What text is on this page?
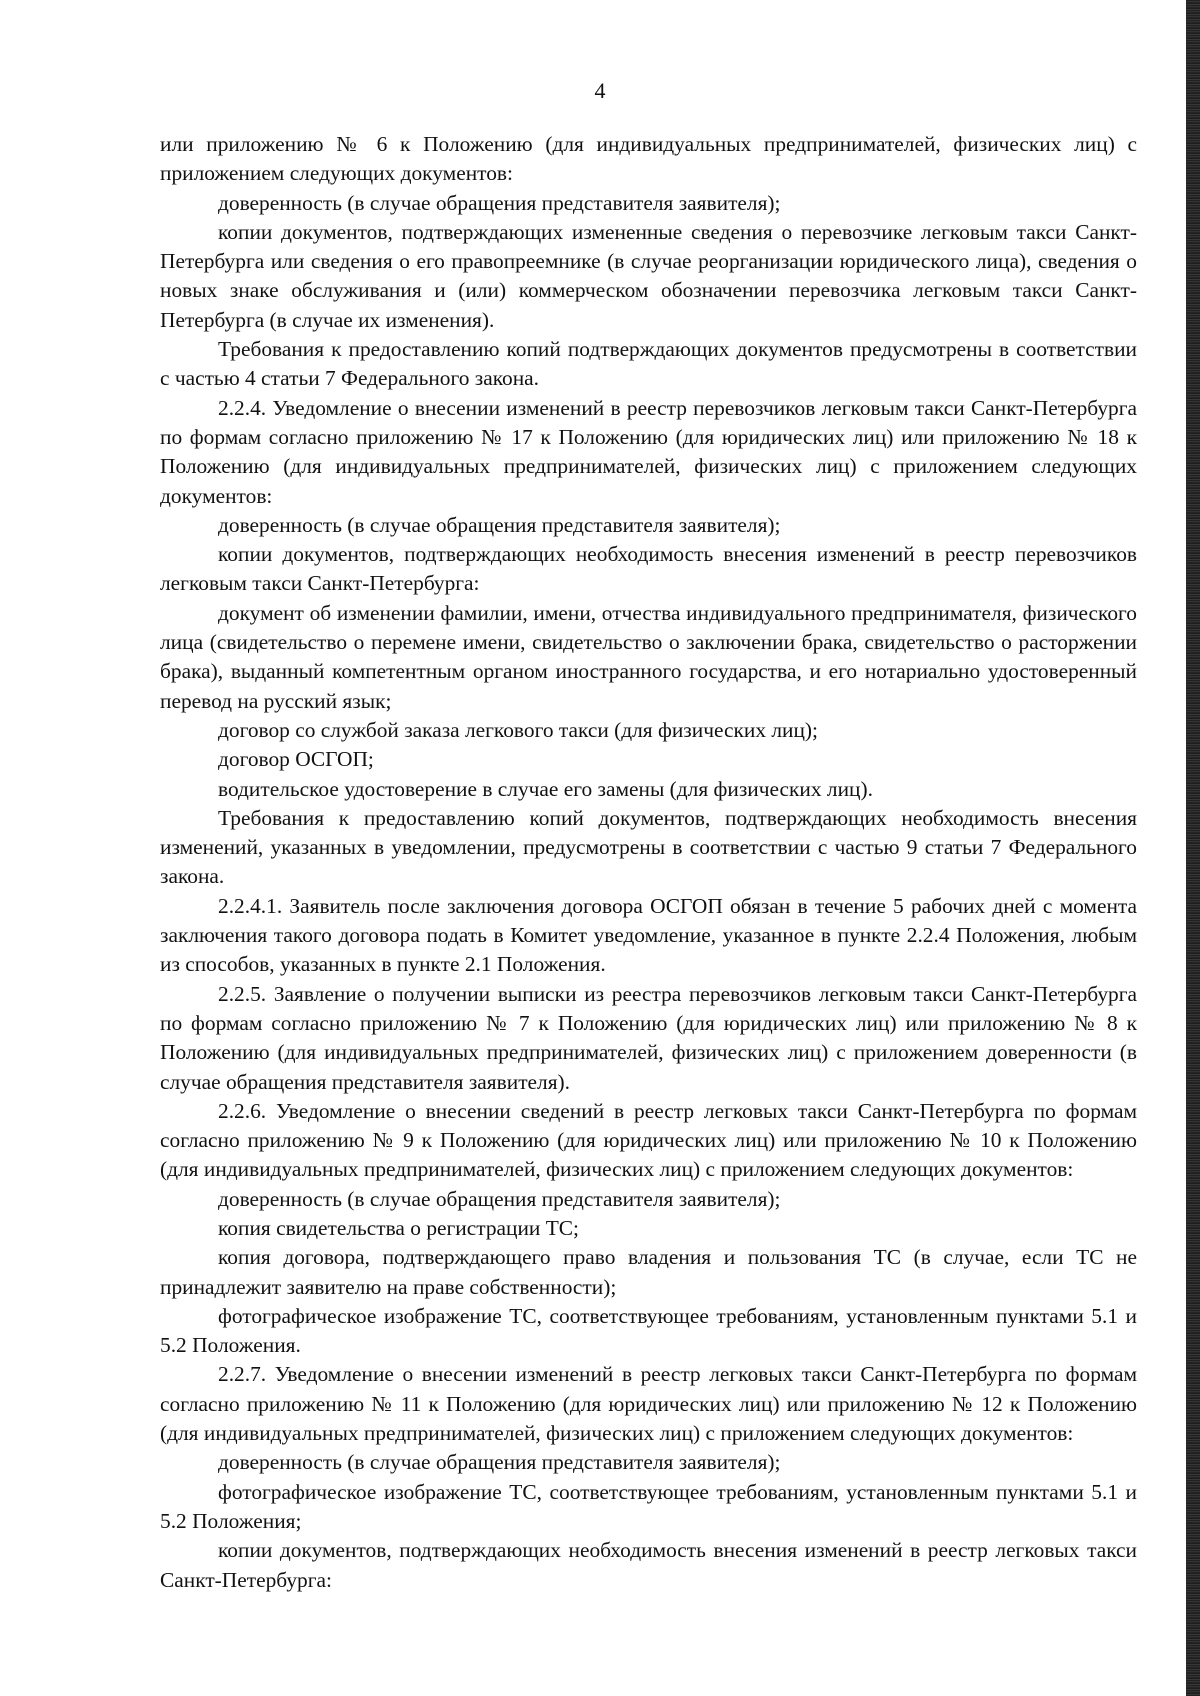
4

или приложению № 6 к Положению (для индивидуальных предпринимателей, физических лиц) с приложением следующих документов:

доверенность (в случае обращения представителя заявителя);

копии документов, подтверждающих измененные сведения о перевозчике легковым такси Санкт-Петербурга или сведения о его правопреемнике (в случае реорганизации юридического лица), сведения о новых знаке обслуживания и (или) коммерческом обозначении перевозчика легковым такси Санкт-Петербурга (в случае их изменения).

Требования к предоставлению копий подтверждающих документов предусмотрены в соответствии с частью 4 статьи 7 Федерального закона.

2.2.4. Уведомление о внесении изменений в реестр перевозчиков легковым такси Санкт-Петербурга по формам согласно приложению № 17 к Положению (для юридических лиц) или приложению № 18 к Положению (для индивидуальных предпринимателей, физических лиц) с приложением следующих документов:

доверенность (в случае обращения представителя заявителя);

копии документов, подтверждающих необходимость внесения изменений в реестр перевозчиков легковым такси Санкт-Петербурга:

документ об изменении фамилии, имени, отчества индивидуального предпринимателя, физического лица (свидетельство о перемене имени, свидетельство о заключении брака, свидетельство о расторжении брака), выданный компетентным органом иностранного государства, и его нотариально удостоверенный перевод на русский язык;

договор со службой заказа легкового такси (для физических лиц);

договор ОСГОП;

водительское удостоверение в случае его замены (для физических лиц).

Требования к предоставлению копий документов, подтверждающих необходимость внесения изменений, указанных в уведомлении, предусмотрены в соответствии с частью 9 статьи 7 Федерального закона.

2.2.4.1. Заявитель после заключения договора ОСГОП обязан в течение 5 рабочих дней с момента заключения такого договора подать в Комитет уведомление, указанное в пункте 2.2.4 Положения, любым из способов, указанных в пункте 2.1 Положения.

2.2.5. Заявление о получении выписки из реестра перевозчиков легковым такси Санкт-Петербурга по формам согласно приложению № 7 к Положению (для юридических лиц) или приложению № 8 к Положению (для индивидуальных предпринимателей, физических лиц) с приложением доверенности (в случае обращения представителя заявителя).

2.2.6. Уведомление о внесении сведений в реестр легковых такси Санкт-Петербурга по формам согласно приложению № 9 к Положению (для юридических лиц) или приложению № 10 к Положению (для индивидуальных предпринимателей, физических лиц) с приложением следующих документов:

доверенность (в случае обращения представителя заявителя);

копия свидетельства о регистрации ТС;

копия договора, подтверждающего право владения и пользования ТС (в случае, если ТС не принадлежит заявителю на праве собственности);

фотографическое изображение ТС, соответствующее требованиям, установленным пунктами 5.1 и 5.2 Положения.

2.2.7. Уведомление о внесении изменений в реестр легковых такси Санкт-Петербурга по формам согласно приложению № 11 к Положению (для юридических лиц) или приложению № 12 к Положению (для индивидуальных предпринимателей, физических лиц) с приложением следующих документов:

доверенность (в случае обращения представителя заявителя);

фотографическое изображение ТС, соответствующее требованиям, установленным пунктами 5.1 и 5.2 Положения;

копии документов, подтверждающих необходимость внесения изменений в реестр легковых такси Санкт-Петербурга:
